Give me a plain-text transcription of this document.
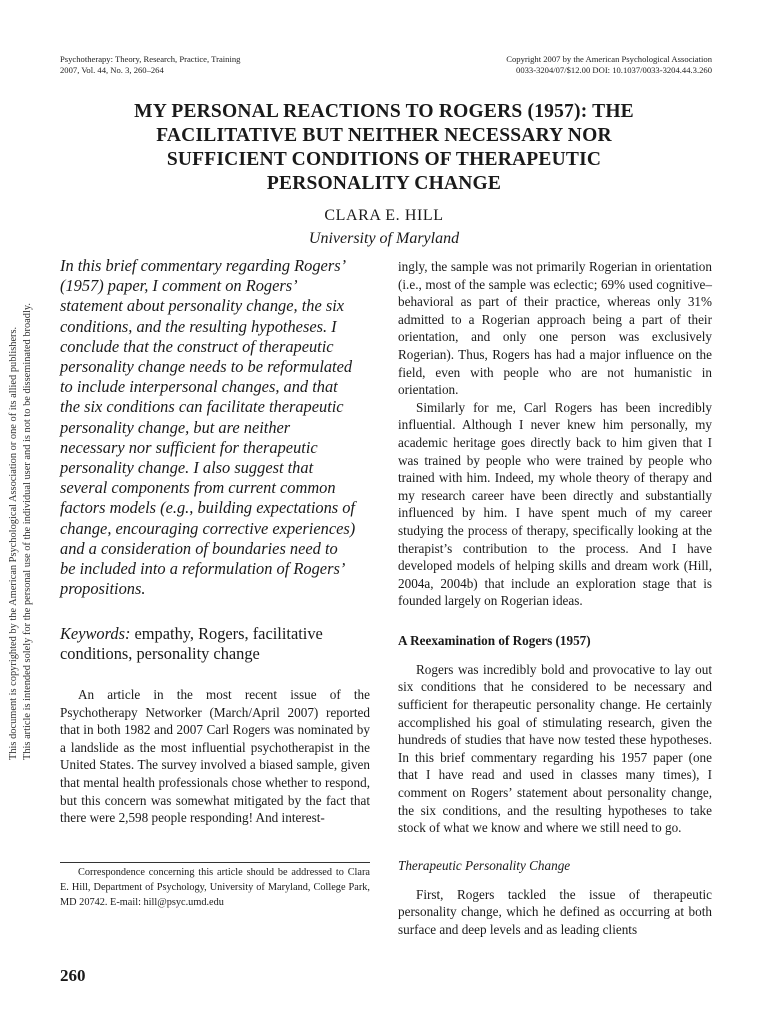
Psychotherapy: Theory, Research, Practice, Training
2007, Vol. 44, No. 3, 260–264
Copyright 2007 by the American Psychological Association
0033-3204/07/$12.00 DOI: 10.1037/0033-3204.44.3.260
MY PERSONAL REACTIONS TO ROGERS (1957): THE
FACILITATIVE BUT NEITHER NECESSARY NOR
SUFFICIENT CONDITIONS OF THERAPEUTIC
PERSONALITY CHANGE
CLARA E. HILL
University of Maryland
In this brief commentary regarding Rogers’ (1957) paper, I comment on Rogers’ statement about personality change, the six conditions, and the resulting hypotheses. I conclude that the construct of therapeutic personality change needs to be reformulated to include interpersonal changes, and that the six conditions can facilitate therapeutic personality change, but are neither necessary nor sufficient for therapeutic personality change. I also suggest that several components from current common factors models (e.g., building expectations of change, encouraging corrective experiences) and a consideration of boundaries need to be included into a reformulation of Rogers’ propositions.
Keywords: empathy, Rogers, facilitative conditions, personality change

An article in the most recent issue of the Psychotherapy Networker (March/April 2007) reported that in both 1982 and 2007 Carl Rogers was nominated by a landslide as the most influential psychotherapist in the United States. The survey involved a biased sample, given that mental health professionals chose whether to respond, but this concern was somewhat mitigated by the fact that there were 2,598 people responding! And interest-

ingly, the sample was not primarily Rogerian in orientation (i.e., most of the sample was eclectic; 69% used cognitive–behavioral as part of their practice, whereas only 31% admitted to a Rogerian approach being a part of their orientation, and only one person was exclusively Rogerian). Thus, Rogers has had a major influence on the field, even with people who are not humanistic in orientation.

Similarly for me, Carl Rogers has been incredibly influential. Although I never knew him personally, my academic heritage goes directly back to him given that I was trained by people who were trained by people who trained with him. Indeed, my whole theory of therapy and my research career have been directly and substantially influenced by him. I have spent much of my career studying the process of therapy, specifically looking at the therapist’s contribution to the process. And I have developed models of helping skills and dream work (Hill, 2004a, 2004b) that include an exploration stage that is founded largely on Rogerian ideas.

A Reexamination of Rogers (1957)

Rogers was incredibly bold and provocative to lay out six conditions that he considered to be necessary and sufficient for therapeutic personality change. He certainly accomplished his goal of stimulating research, given the hundreds of studies that have now tested these hypotheses. In this brief commentary regarding his 1957 paper (one that I have read and used in classes many times), I comment on Rogers’ statement about personality change, the six conditions, and the resulting hypotheses to take stock of what we know and where we still need to go.

Therapeutic Personality Change

First, Rogers tackled the issue of therapeutic personality change, which he defined as occurring at both surface and deep levels and as leading clients

Correspondence concerning this article should be addressed to Clara E. Hill, Department of Psychology, University of Maryland, College Park, MD 20742. E-mail: hill@psyc.umd.edu
260
This document is copyrighted by the American Psychological Association or one of its allied publishers. This article is intended solely for the personal use of the individual user and is not to be disseminated broadly.
